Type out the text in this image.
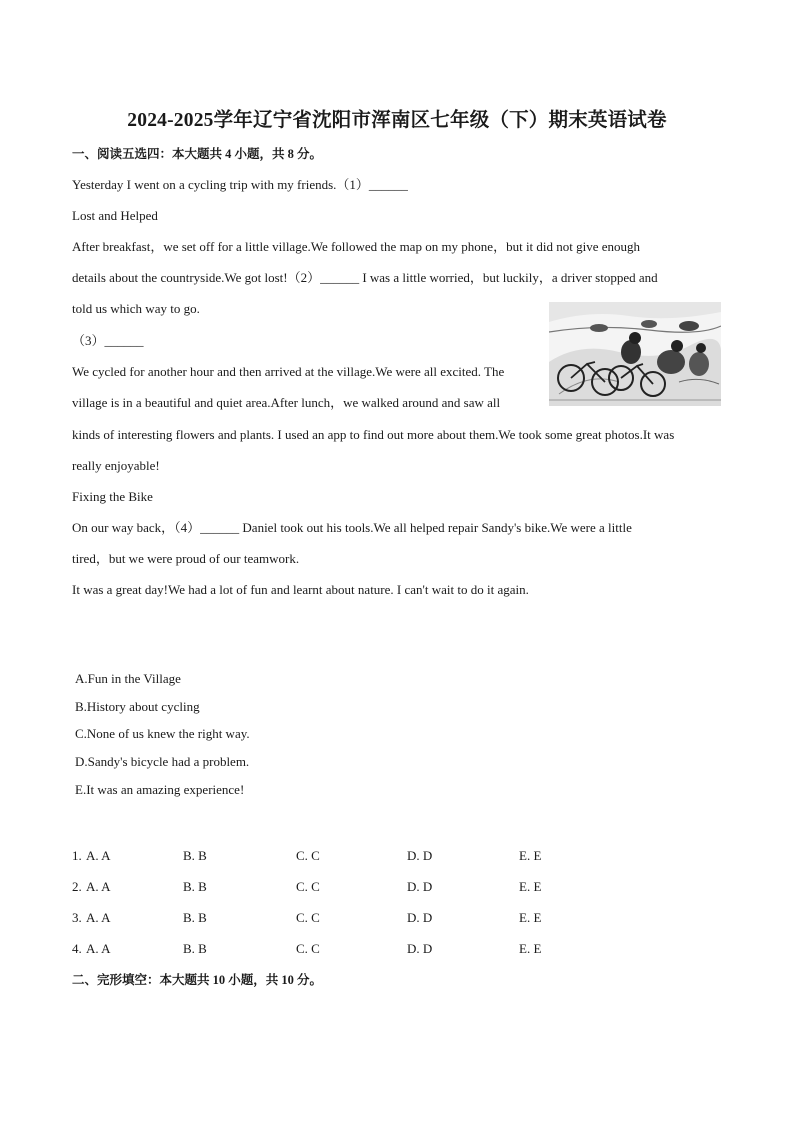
2024-2025学年辽宁省沈阳市浑南区七年级（下）期末英语试卷
一、阅读五选四：本大题共 4 小题，共 8 分。
Yesterday I went on a cycling trip with my friends.（1）______
Lost and Helped
After breakfast，we set off for a little village.We followed the map on my phone，but it did not give enough
details about the countryside.We got lost!（2）______ I was a little worried，but luckily，a driver stopped and
told us which way to go.
（3）______
We cycled for another hour and then arrived at the village.We were all excited. The
village is in a beautiful and quiet area.After lunch，we walked around and saw all
kinds of interesting flowers and plants. I used an app to find out more about them.We took some great photos.It was
really enjoyable!
Fixing the Bike
On our way back，（4）______ Daniel took out his tools.We all helped repair Sandy's bike.We were a little
tired，but we were proud of our teamwork.
It was a great day!We had a lot of fun and learnt about nature. I can't wait to do it again.
A.Fun in the Village
B.History about cycling
C.None of us knew the right way.
D.Sandy's bicycle had a problem.
E.It was an amazing experience!
1. A. A	B. B	C. C	D. D	E. E
2. A. A	B. B	C. C	D. D	E. E
3. A. A	B. B	C. C	D. D	E. E
4. A. A	B. B	C. C	D. D	E. E
二、完形填空：本大题共 10 小题，共 10 分。
